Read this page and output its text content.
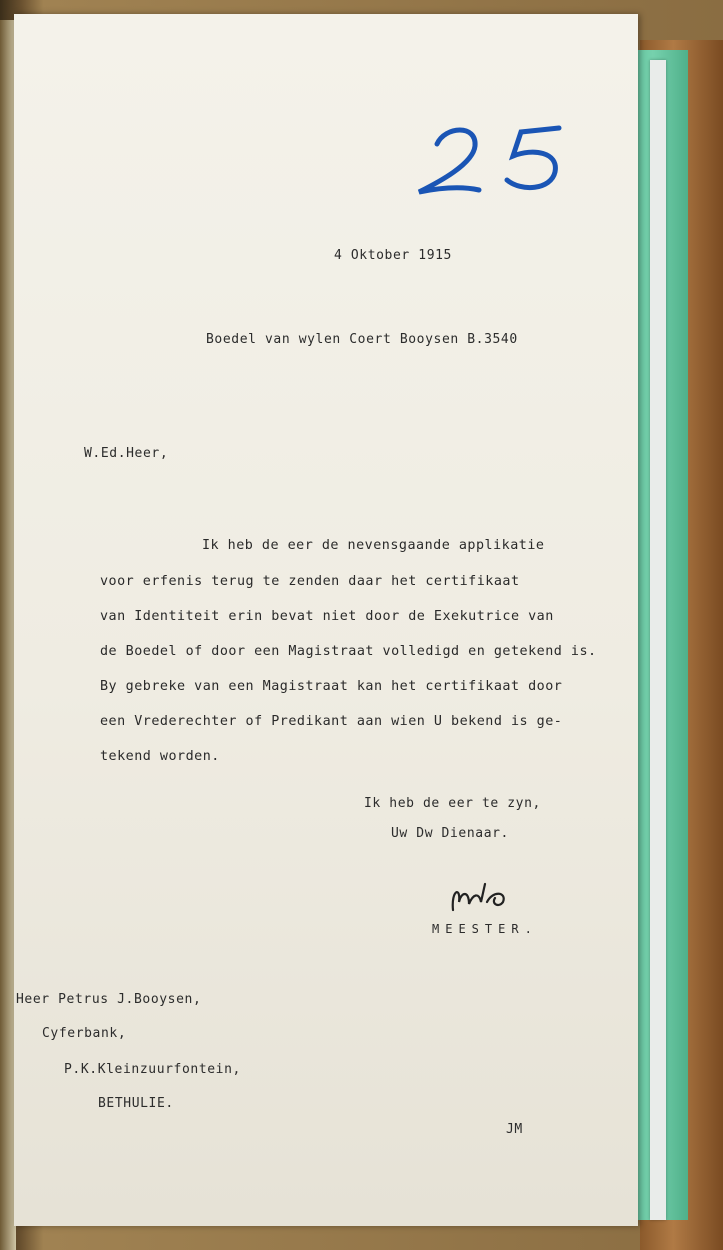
4 Oktober 1915
Boedel van wylen Coert Booysen B.3540
W.Ed.Heer,
Ik heb de eer de nevensgaande applikatie
voor erfenis terug te zenden daar het certifikaat
van Identiteit erin bevat niet door de Exekutrice van
de Boedel of door een Magistraat volledigd en getekend is.
By gebreke van een Magistraat kan het certifikaat door
een Vrederechter of Predikant aan wien U bekend is ge-
tekend worden.
Ik heb de eer te zyn,
Uw Dw Dienaar.
MEESTER.
Heer Petrus J.Booysen,
Cyferbank,
P.K.Kleinzuurfontein,
BETHULIE.
JM
